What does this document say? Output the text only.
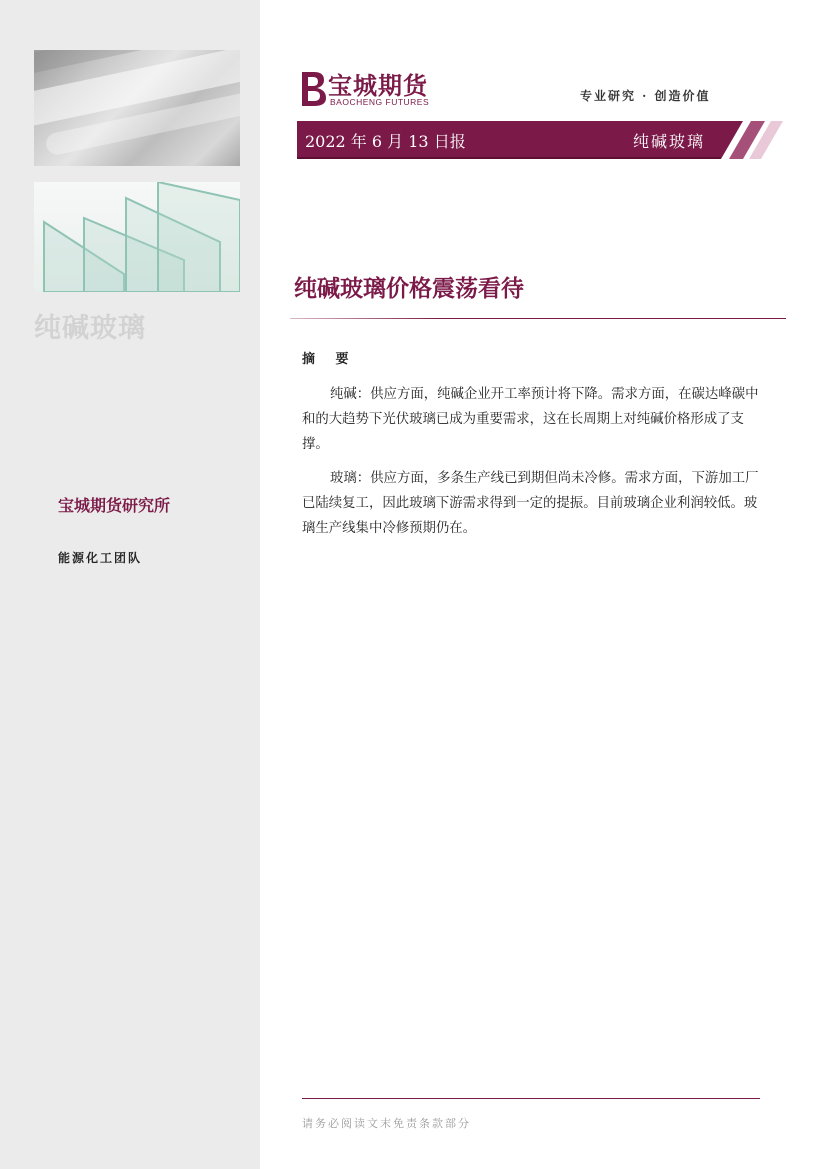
纯碱玻璃
宝城期货研究所
能源化工团队
宝城期货
BAOCHENG FUTURES	专业研究 · 创造价值
2022 年 6 月 13 日报	纯碱玻璃
纯碱玻璃价格震荡看待
摘 要

纯碱：供应方面，纯碱企业开工率预计将下降。需求方面，在碳达峰碳中和的大趋势下光伏玻璃已成为重要需求，这在长周期上对纯碱价格形成了支撑。

玻璃：供应方面，多条生产线已到期但尚未冷修。需求方面，下游加工厂已陆续复工，因此玻璃下游需求得到一定的提振。目前玻璃企业利润较低。玻璃生产线集中冷修预期仍在。

请务必阅读文末免责条款部分
